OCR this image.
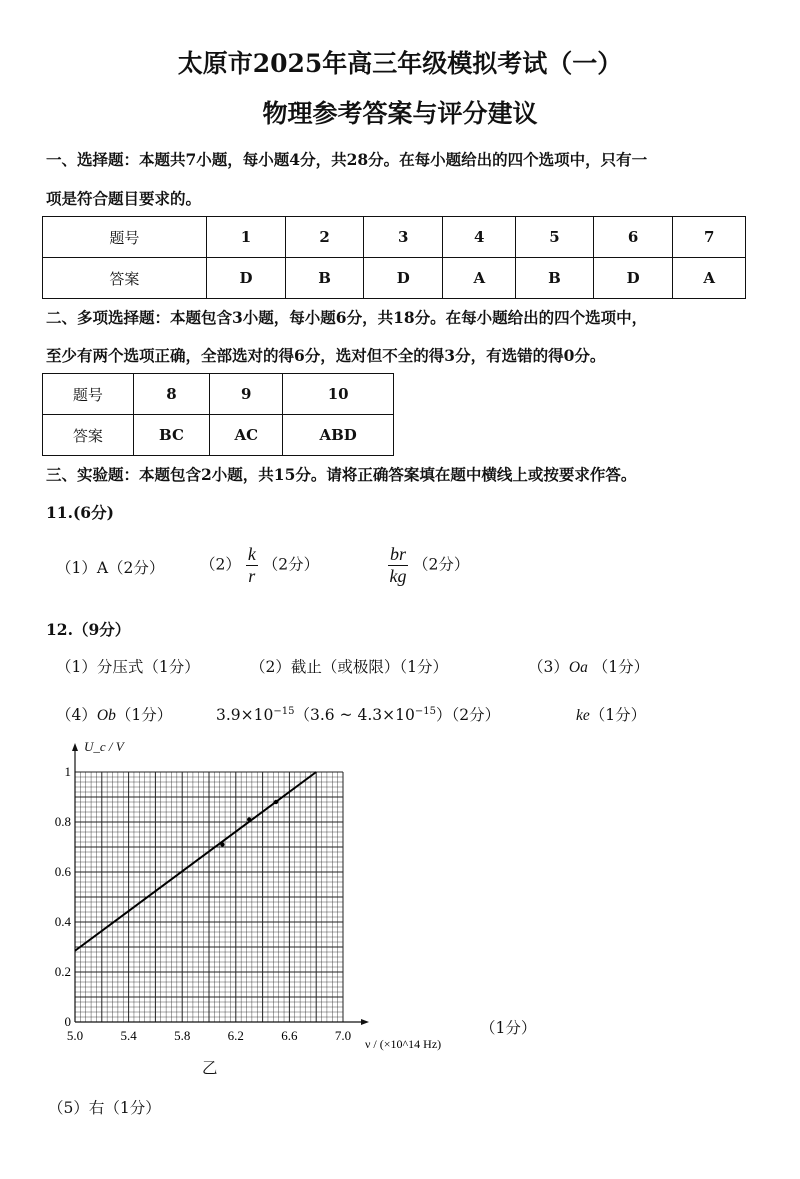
太原市2025年高三年级模拟考试（一）
物理参考答案与评分建议
一、选择题：本题共7小题，每小题4分，共28分。在每小题给出的四个选项中，只有一
项是符合题目要求的。
题号	1	2	3	4	5	6	7
答案	D	B	D	A	B	D	A
二、多项选择题：本题包含3小题，每小题6分，共18分。在每小题给出的四个选项中，
至少有两个选项正确，全部选对的得6分，选对但不全的得3分，有选错的得0分。
题号	8	9	10
答案	BC	AC	ABD
三、实验题：本题包含2小题，共15分。请将正确答案填在题中横线上或按要求作答。
11.(6分)
（1）A（2分） $(2) \frac{k}{r} (2$分）	$\frac{br}{kg} (2$分）
12.（9分）
（1）分压式（1分）	（2）截止（或极限）（1分）	（3）Oa （1分）
（4）Ob（1分）	$3.9\times 10^{-15}(3.6$ ~ $4.3\times 10^{-15})(2$分）	ke（1分）
5.0	5.4	5.8	6.2	6.6	7.0
0
0.2
0.4
0.6
0.8
1
ν / (×10^14 Hz)
U_c / V
（1分）
乙
（5）右（1分）
